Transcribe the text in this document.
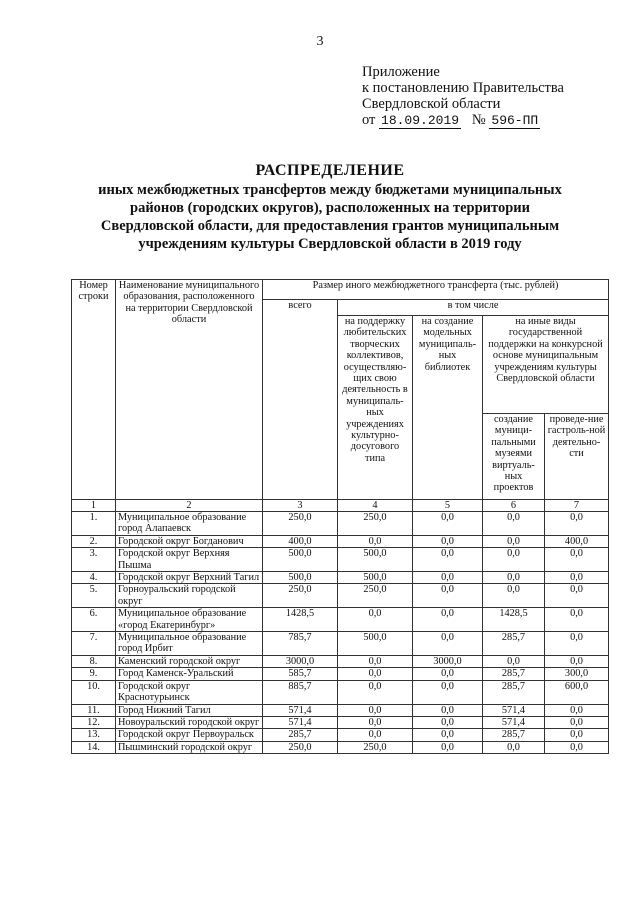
3
Приложение
к постановлению Правительства
Свердловской области
от 18.09.2019 № 596-ПП
РАСПРЕДЕЛЕНИЕ
иных межбюджетных трансфертов между бюджетами муниципальных
районов (городских округов), расположенных на территории
Свердловской области, для предоставления грантов муниципальным
учреждениям культуры Свердловской области в 2019 году
Номер строки	Наименование муниципального образования, расположенного на территории Свердловской области	Размер иного межбюджетного трансферта (тыс. рублей)				
		всего	в том числе			
			на поддержку любительских творческих коллективов, осуществляю-щих свою деятельность в муниципаль-ных учреждениях культурно-досугового типа	на создание модельных муниципаль-ных библиотек	на иные виды государственной поддержки на конкурсной основе муниципальным учреждениям культуры Свердловской области	
					создание муници-пальными музеями виртуаль-ных проектов	проведе-ние гастроль-ной деятельно-сти
1	2	3	4	5	6	7
1.	Муниципальное образование город Алапаевск	250,0	250,0	0,0	0,0	0,0
2.	Городской округ Богданович	400,0	0,0	0,0	0,0	400,0
3.	Городской округ Верхняя Пышма	500,0	500,0	0,0	0,0	0,0
4.	Городской округ Верхний Тагил	500,0	500,0	0,0	0,0	0,0
5.	Горноуральский городской округ	250,0	250,0	0,0	0,0	0,0
6.	Муниципальное образование «город Екатеринбург»	1428,5	0,0	0,0	1428,5	0,0
7.	Муниципальное образование город Ирбит	785,7	500,0	0,0	285,7	0,0
8.	Каменский городской округ	3000,0	0,0	3000,0	0,0	0,0
9.	Город Каменск-Уральский	585,7	0,0	0,0	285,7	300,0
10.	Городской округ Краснотурьинск	885,7	0,0	0,0	285,7	600,0
11.	Город Нижний Тагил	571,4	0,0	0,0	571,4	0,0
12.	Новоуральский городской округ	571,4	0,0	0,0	571,4	0,0
13.	Городской округ Первоуральск	285,7	0,0	0,0	285,7	0,0
14.	Пышминский городской округ	250,0	250,0	0,0	0,0	0,0
